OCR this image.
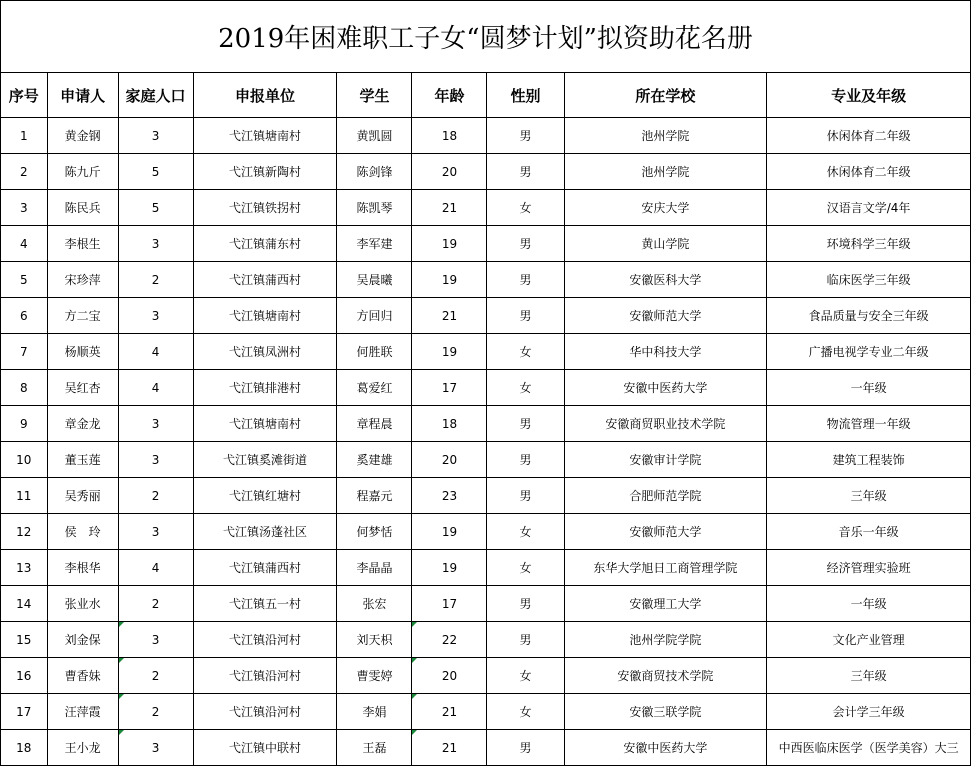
2019年困难职工子女“圆梦计划”拟资助花名册
序号	申请人	家庭人口	申报单位	学生	年龄	性别	所在学校	专业及年级
1	黄金钢	3	弋江镇塘南村	黄凯圆	18	男	池州学院	休闲体育二年级
2	陈九斤	5	弋江镇新陶村	陈剑锋	20	男	池州学院	休闲体育二年级
3	陈民兵	5	弋江镇铁拐村	陈凯琴	21	女	安庆大学	汉语言文学/4年
4	李根生	3	弋江镇蒲东村	李军建	19	男	黄山学院	环境科学三年级
5	宋珍萍	2	弋江镇蒲西村	吴晨曦	19	男	安徽医科大学	临床医学三年级
6	方二宝	3	弋江镇塘南村	方回归	21	男	安徽师范大学	食品质量与安全三年级
7	杨顺英	4	弋江镇凤洲村	何胜联	19	女	华中科技大学	广播电视学专业二年级
8	吴红杏	4	弋江镇排港村	葛爱红	17	女	安徽中医药大学	一年级
9	章金龙	3	弋江镇塘南村	章程晨	18	男	安徽商贸职业技术学院	物流管理一年级
10	董玉莲	3	弋江镇奚滩街道	奚建雄	20	男	安徽审计学院	建筑工程装饰
11	吴秀丽	2	弋江镇红塘村	程嘉元	23	男	合肥师范学院	三年级
12	侯　玲	3	弋江镇汤蓬社区	何梦恬	19	女	安徽师范大学	音乐一年级
13	李根华	4	弋江镇蒲西村	李晶晶	19	女	东华大学旭日工商管理学院	经济管理实验班
14	张业水	2	弋江镇五一村	张宏	17	男	安徽理工大学	一年级
15	刘金保	3	弋江镇沿河村	刘天枳	22	男	池州学院学院	文化产业管理
16	曹香妹	2	弋江镇沿河村	曹雯婷	20	女	安徽商贸技术学院	三年级
17	汪萍霞	2	弋江镇沿河村	李娟	21	女	安徽三联学院	会计学三年级
18	王小龙	3	弋江镇中联村	王磊	21	男	安徽中医药大学	中西医临床医学（医学美容）大三
